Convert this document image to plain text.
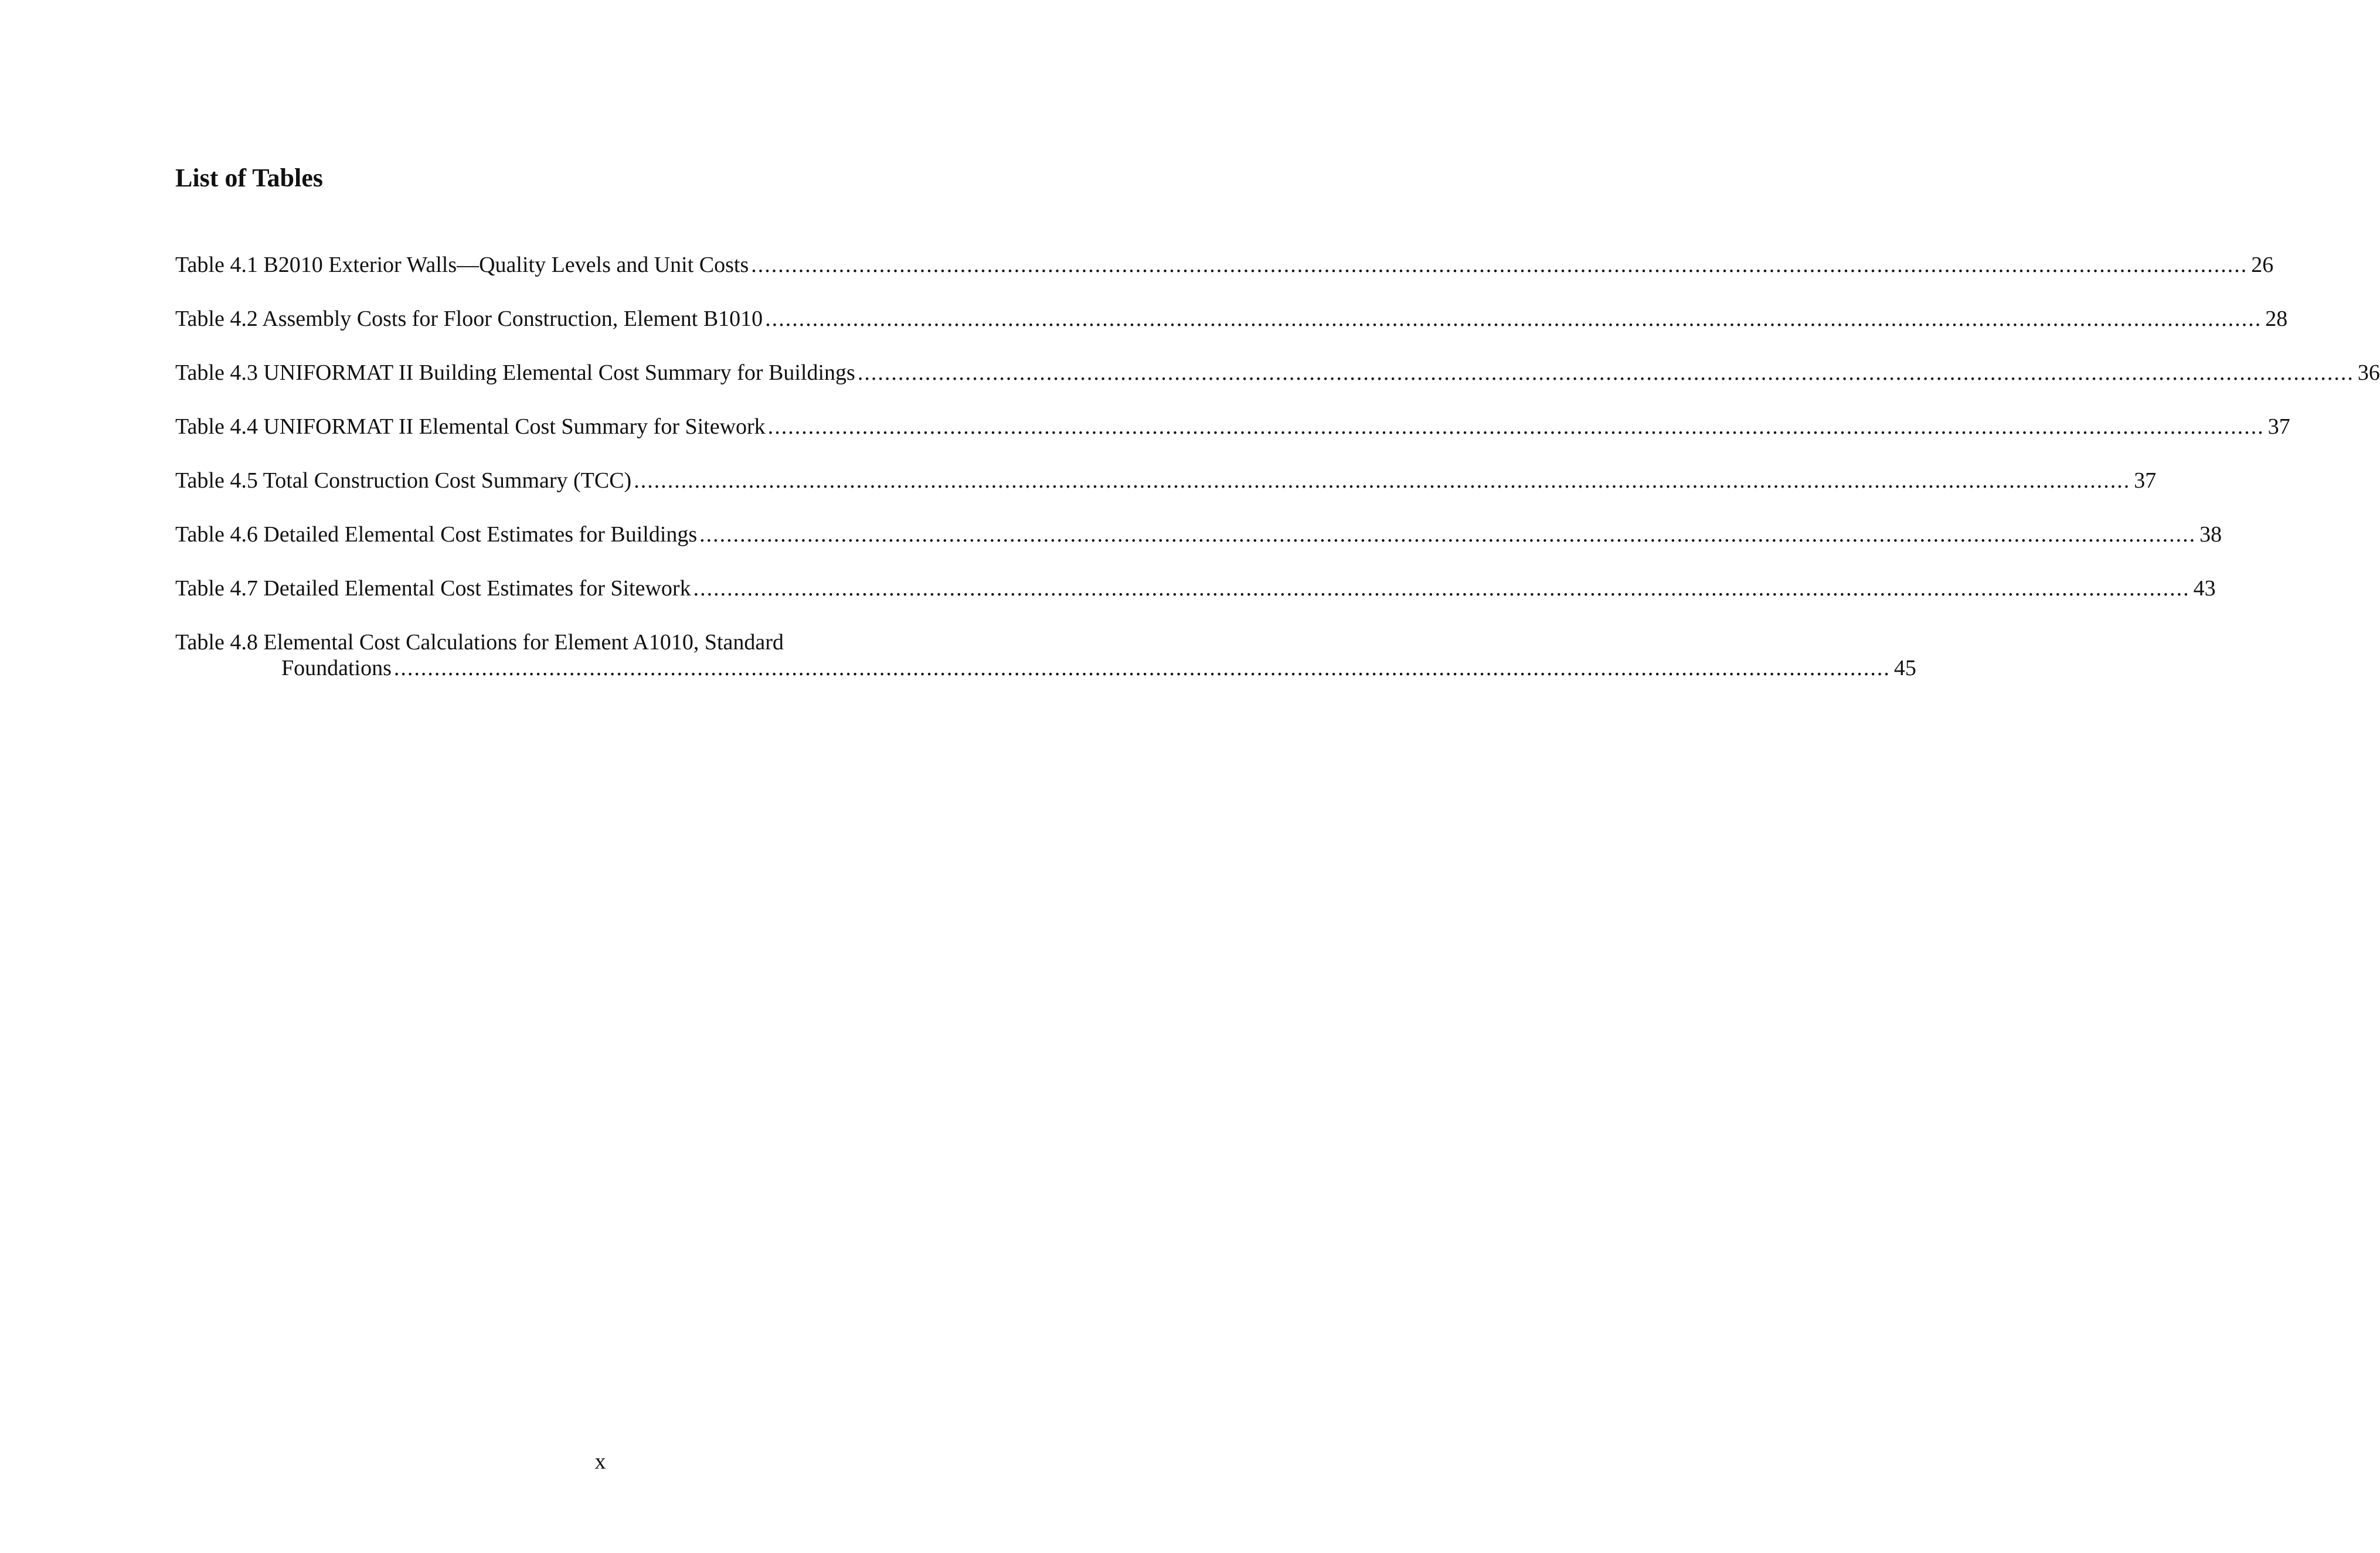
List of Tables
Table 4.1 B2010 Exterior Walls—Quality Levels and Unit Costs .............................................................................................................................................................................................................................. 26
Table 4.2 Assembly Costs for Floor Construction, Element B1010 .............................................................................................................................................................................................................................. 28
Table 4.3 UNIFORMAT II Building Elemental Cost Summary for Buildings .............................................................................................................................................................................................................................. 36
Table 4.4 UNIFORMAT II Elemental Cost Summary for Sitework .............................................................................................................................................................................................................................. 37
Table 4.5 Total Construction Cost Summary (TCC) .............................................................................................................................................................................................................................. 37
Table 4.6 Detailed Elemental Cost Estimates for Buildings .............................................................................................................................................................................................................................. 38
Table 4.7 Detailed Elemental Cost Estimates for Sitework .............................................................................................................................................................................................................................. 43
Table 4.8 Elemental Cost Calculations for Element A1010, Standard
Foundations .............................................................................................................................................................................................................................. 45
x
